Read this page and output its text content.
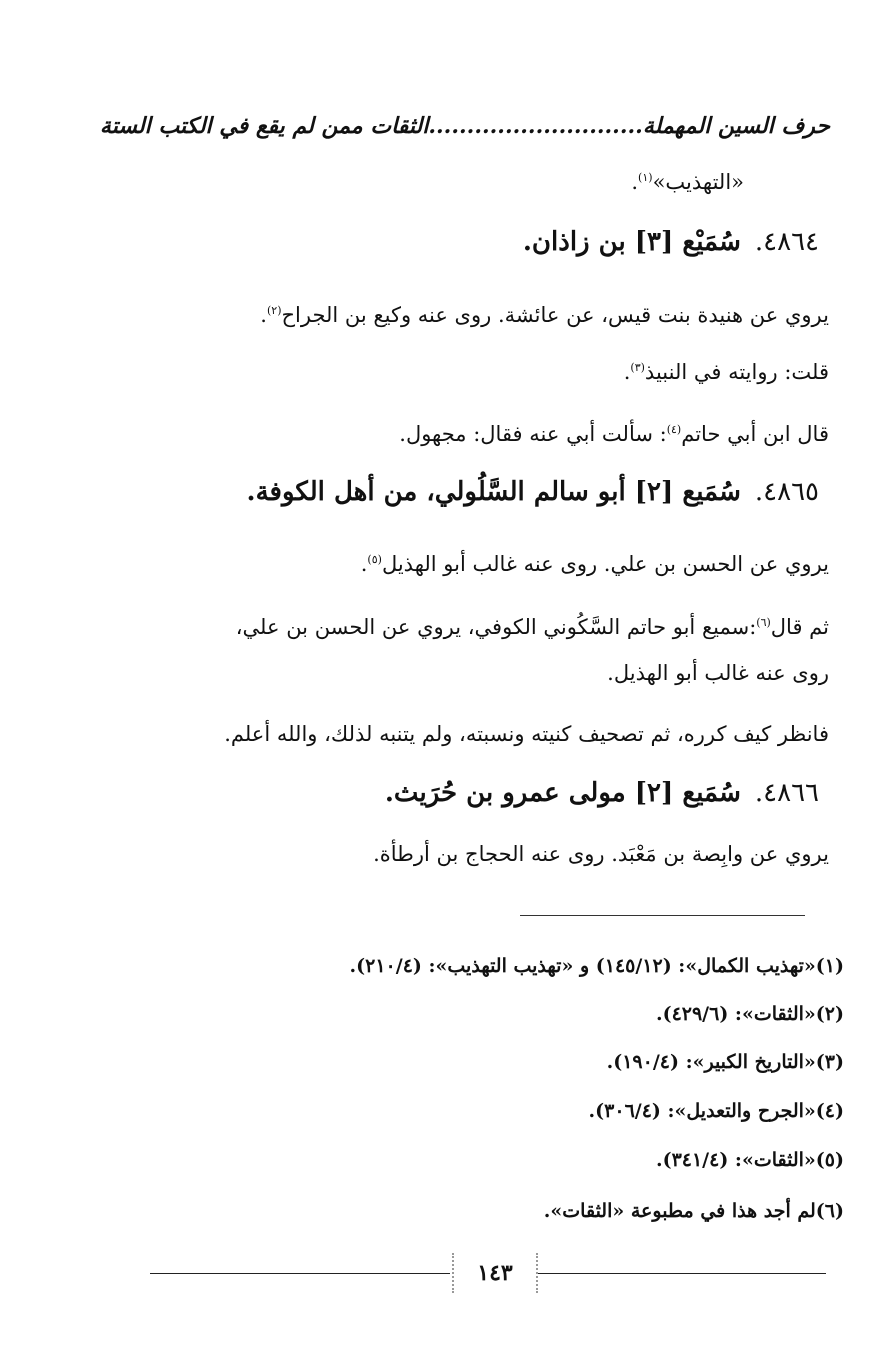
حرف السين المهملة............................الثقات ممن لم يقع في الكتب الستة
«التهذيب»$^{(١)}$.
٤٨٦٤.سُمَيْع [٣] بن زاذان.
يروي عن هنيدة بنت قيس، عن عائشة. روى عنه وكيع بن الجراح$^{(٢)}$.
قلت: روايته في النبيذ$^{(٣)}$.
قال ابن أبي حاتم$^{(٤)}$: سألت أبي عنه فقال: مجهول.
٤٨٦٥.سُمَيع [٢] أبو سالم السَّلُولي، من أهل الكوفة.
يروي عن الحسن بن علي. روى عنه غالب أبو الهذيل$^{(٥)}$.
ثم قال$^{(٦)}$:سميع أبو حاتم السَّكُوني الكوفي، يروي عن الحسن بن علي،
روى عنه غالب أبو الهذيل.
فانظر كيف كرره، ثم تصحيف كنيته ونسبته، ولم يتنبه لذلك، والله أعلم.
٤٨٦٦.سُمَيع [٢] مولى عمرو بن حُرَيث.
يروي عن وابِصة بن مَعْبَد. روى عنه الحجاج بن أرطأة.
(١)«تهذيب الكمال»: (١٤٥/١٢) و «تهذيب التهذيب»: (٢١٠/٤).
(٢)«الثقات»: (٤٢٩/٦).
(٣)«التاريخ الكبير»: (١٩٠/٤).
(٤)«الجرح والتعديل»: (٣٠٦/٤).
(٥)«الثقات»: (٣٤١/٤).
(٦)لم أجد هذا في مطبوعة «الثقات».
١٤٣
